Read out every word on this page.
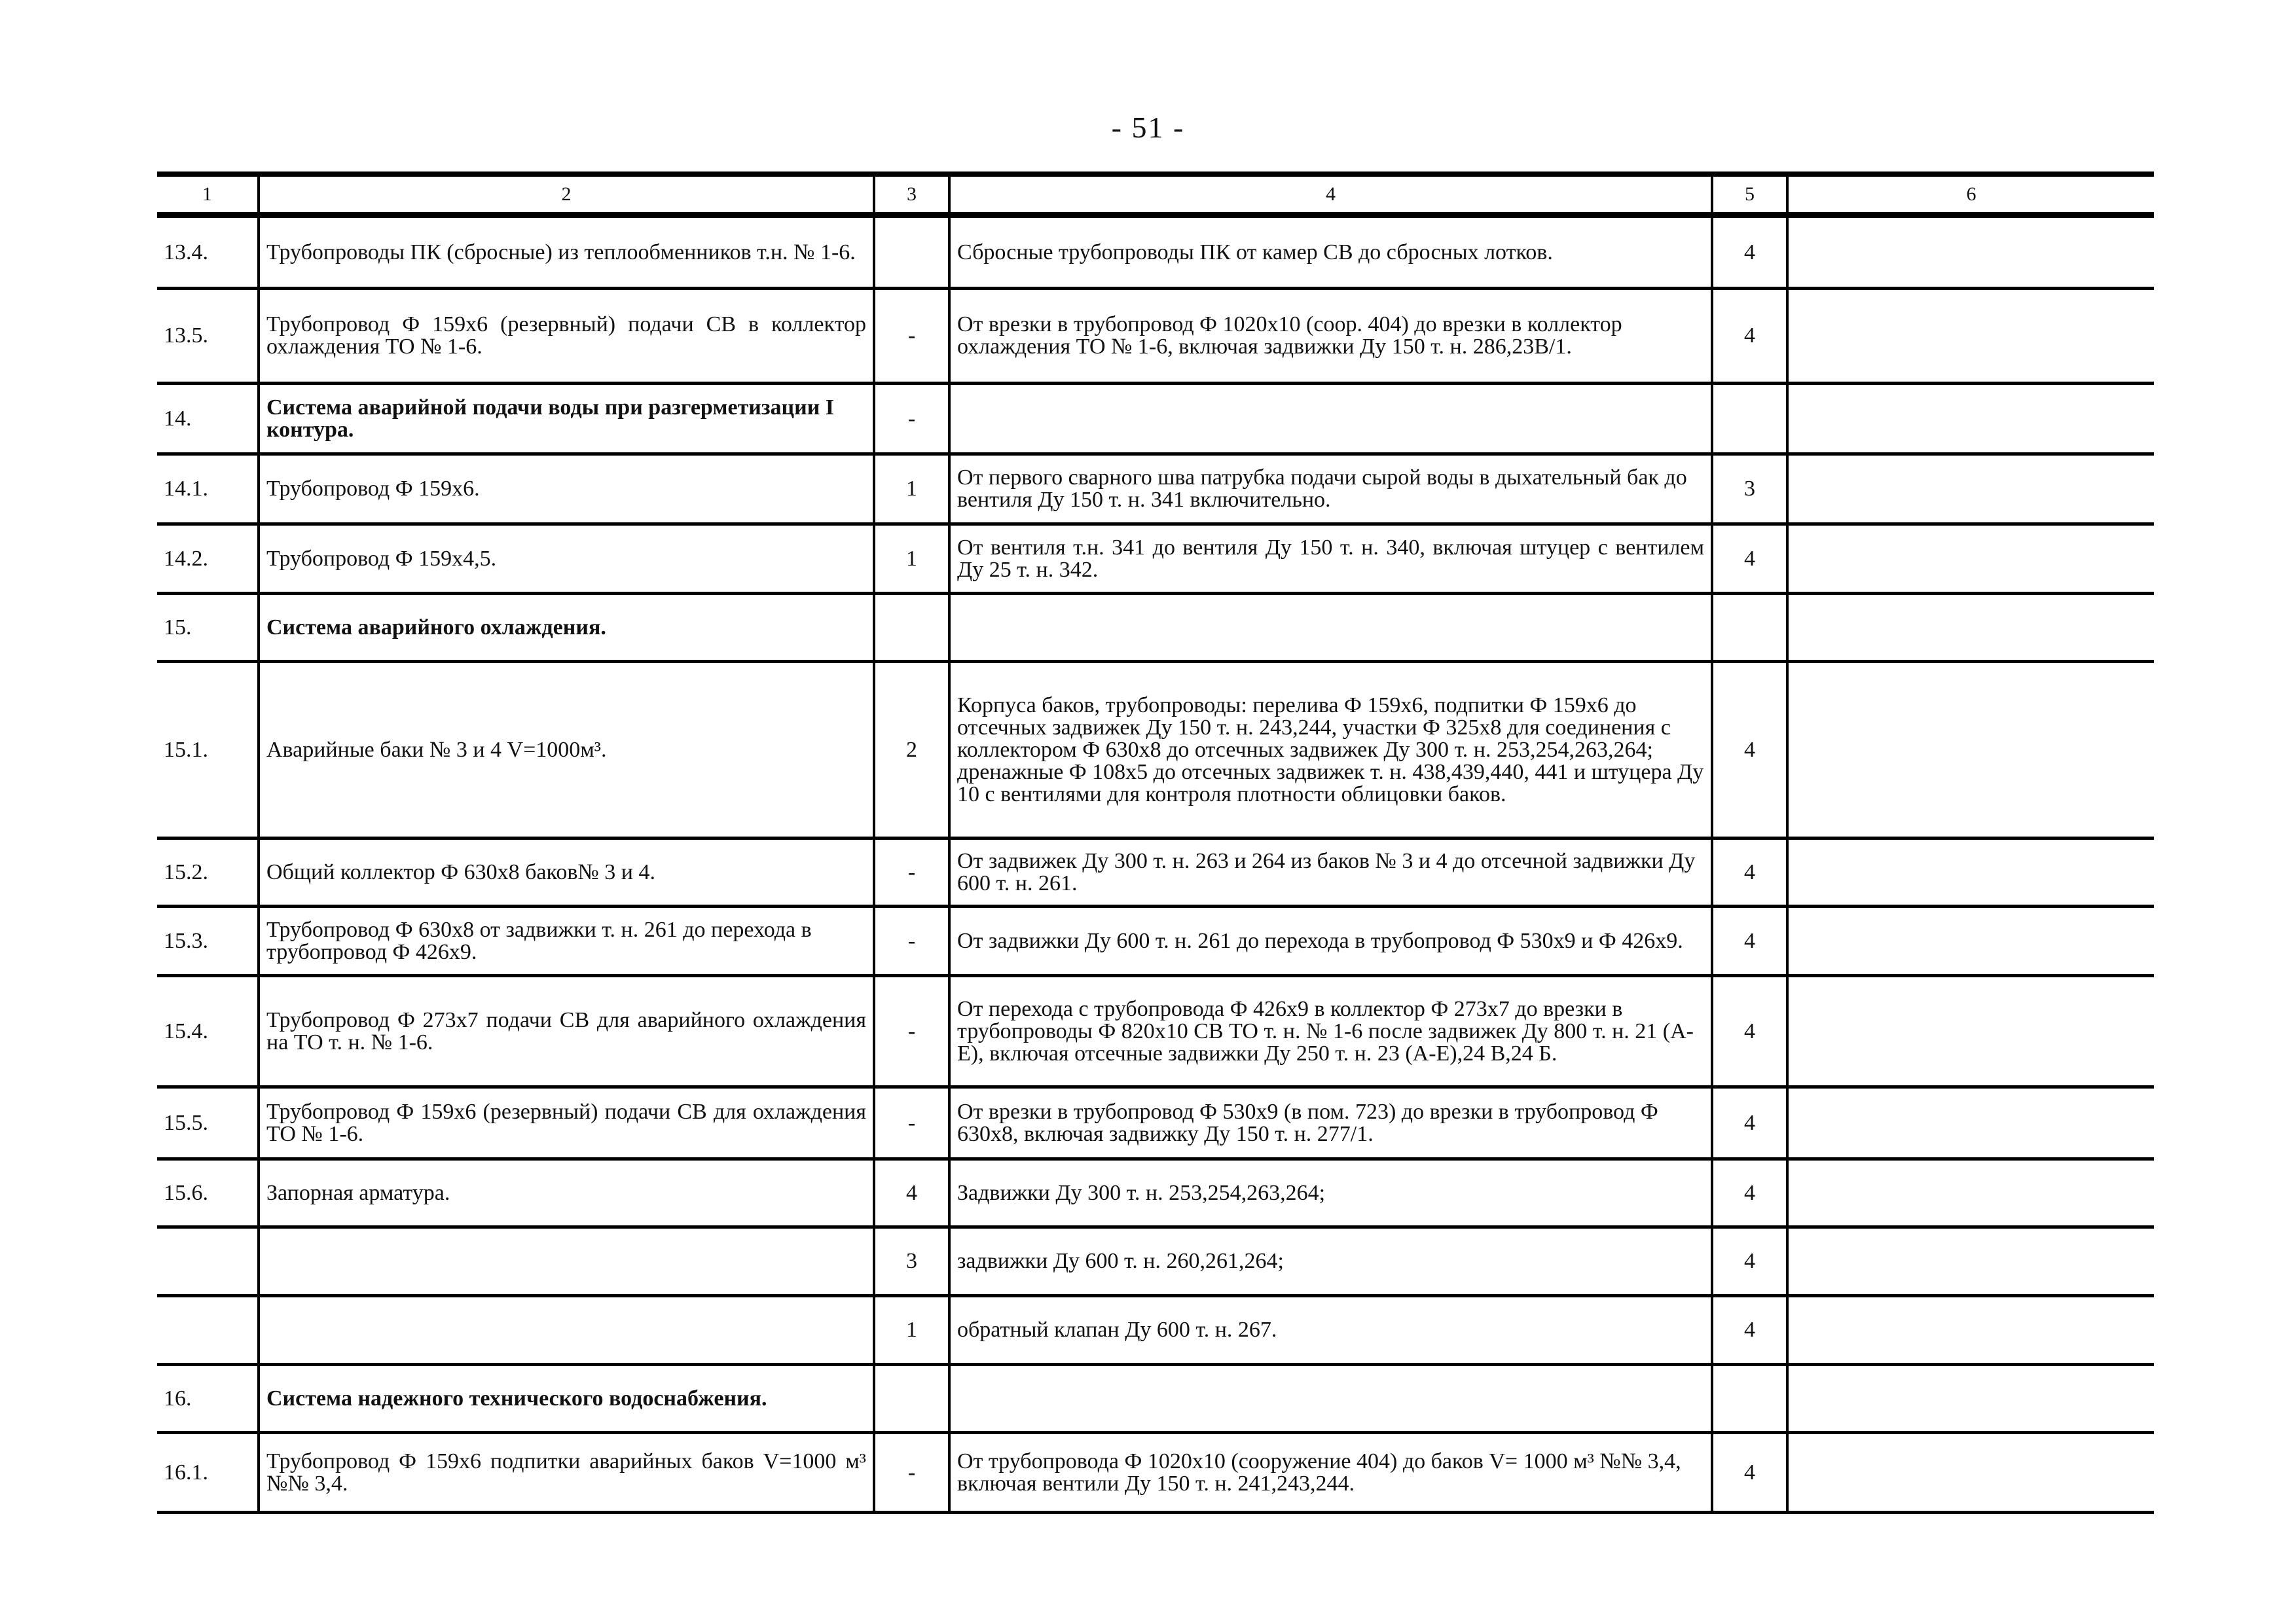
- 51 -
1	2	3	4	5	6
13.4.	Трубопроводы ПК (сбросные) из теплообменников т.н. № 1-6.		Сбросные трубопроводы ПК от камер СВ до сбросных лотков.	4	
13.5.	Трубопровод Ф 159х6 (резервный) подачи СВ в коллектор охлаждения ТО № 1-6.	-	От врезки в трубопровод Ф 1020х10 (соор. 404) до врезки в коллектор охлаждения ТО № 1-6, включая задвижки Ду 150 т. н. 286,23В/1.	4	
14.	Система аварийной подачи воды при разгерметизации I контура.	-			
14.1.	Трубопровод Ф 159х6.	1	От первого сварного шва патрубка подачи сырой воды в дыхательный бак до вентиля Ду 150 т. н. 341 включительно.	3	
14.2.	Трубопровод Ф 159х4,5.	1	От вентиля т.н. 341 до вентиля Ду 150 т. н. 340, включая штуцер с вентилем Ду 25 т. н. 342.	4	
15.	Система аварийного охлаждения.				
15.1.	Аварийные баки № 3 и 4 V=1000м³.	2	Корпуса баков, трубопроводы: перелива Ф 159х6, подпитки Ф 159х6 до отсечных задвижек Ду 150 т. н. 243,244, участки Ф 325х8 для соединения с коллектором Ф 630х8 до отсечных задвижек Ду 300 т. н. 253,254,263,264; дренажные Ф 108х5 до отсечных задвижек т. н. 438,439,440, 441 и штуцера Ду 10 с вентилями для контроля плотности облицовки баков.	4	
15.2.	Общий коллектор Ф 630х8 баков№ 3 и 4.	-	От задвижек Ду 300 т. н. 263 и 264 из баков № 3 и 4 до отсечной задвижки Ду 600 т. н. 261.	4	
15.3.	Трубопровод Ф 630х8 от задвижки т. н. 261 до перехода в трубопровод Ф 426х9.	-	От задвижки Ду 600 т. н. 261 до перехода в трубопровод Ф 530х9 и Ф 426х9.	4	
15.4.	Трубопровод Ф 273х7 подачи СВ для аварийного охлаждения на ТО т. н. № 1-6.	-	От перехода с трубопровода Ф 426х9 в коллектор Ф 273х7 до врезки в трубопроводы Ф 820х10 СВ ТО т. н. № 1-6 после задвижек Ду 800 т. н. 21 (А-Е), включая отсечные задвижки Ду 250 т. н. 23 (А-Е),24 В,24 Б.	4	
15.5.	Трубопровод Ф 159х6 (резервный) подачи СВ для охлаждения ТО № 1-6.	-	От врезки в трубопровод Ф 530х9 (в пом. 723) до врезки в трубопровод Ф 630х8, включая задвижку Ду 150 т. н. 277/1.	4	
15.6.	Запорная арматура.	4	Задвижки Ду 300 т. н. 253,254,263,264;	4	
		3	задвижки Ду 600 т. н. 260,261,264;	4	
		1	обратный клапан Ду 600 т. н. 267.	4	
16.	Система надежного технического водоснабжения.				
16.1.	Трубопровод Ф 159х6 подпитки аварийных баков V=1000 м³ №№ 3,4.	-	От трубопровода Ф 1020х10 (сооружение 404) до баков V= 1000 м³ №№ 3,4, включая вентили Ду 150 т. н. 241,243,244.	4	
